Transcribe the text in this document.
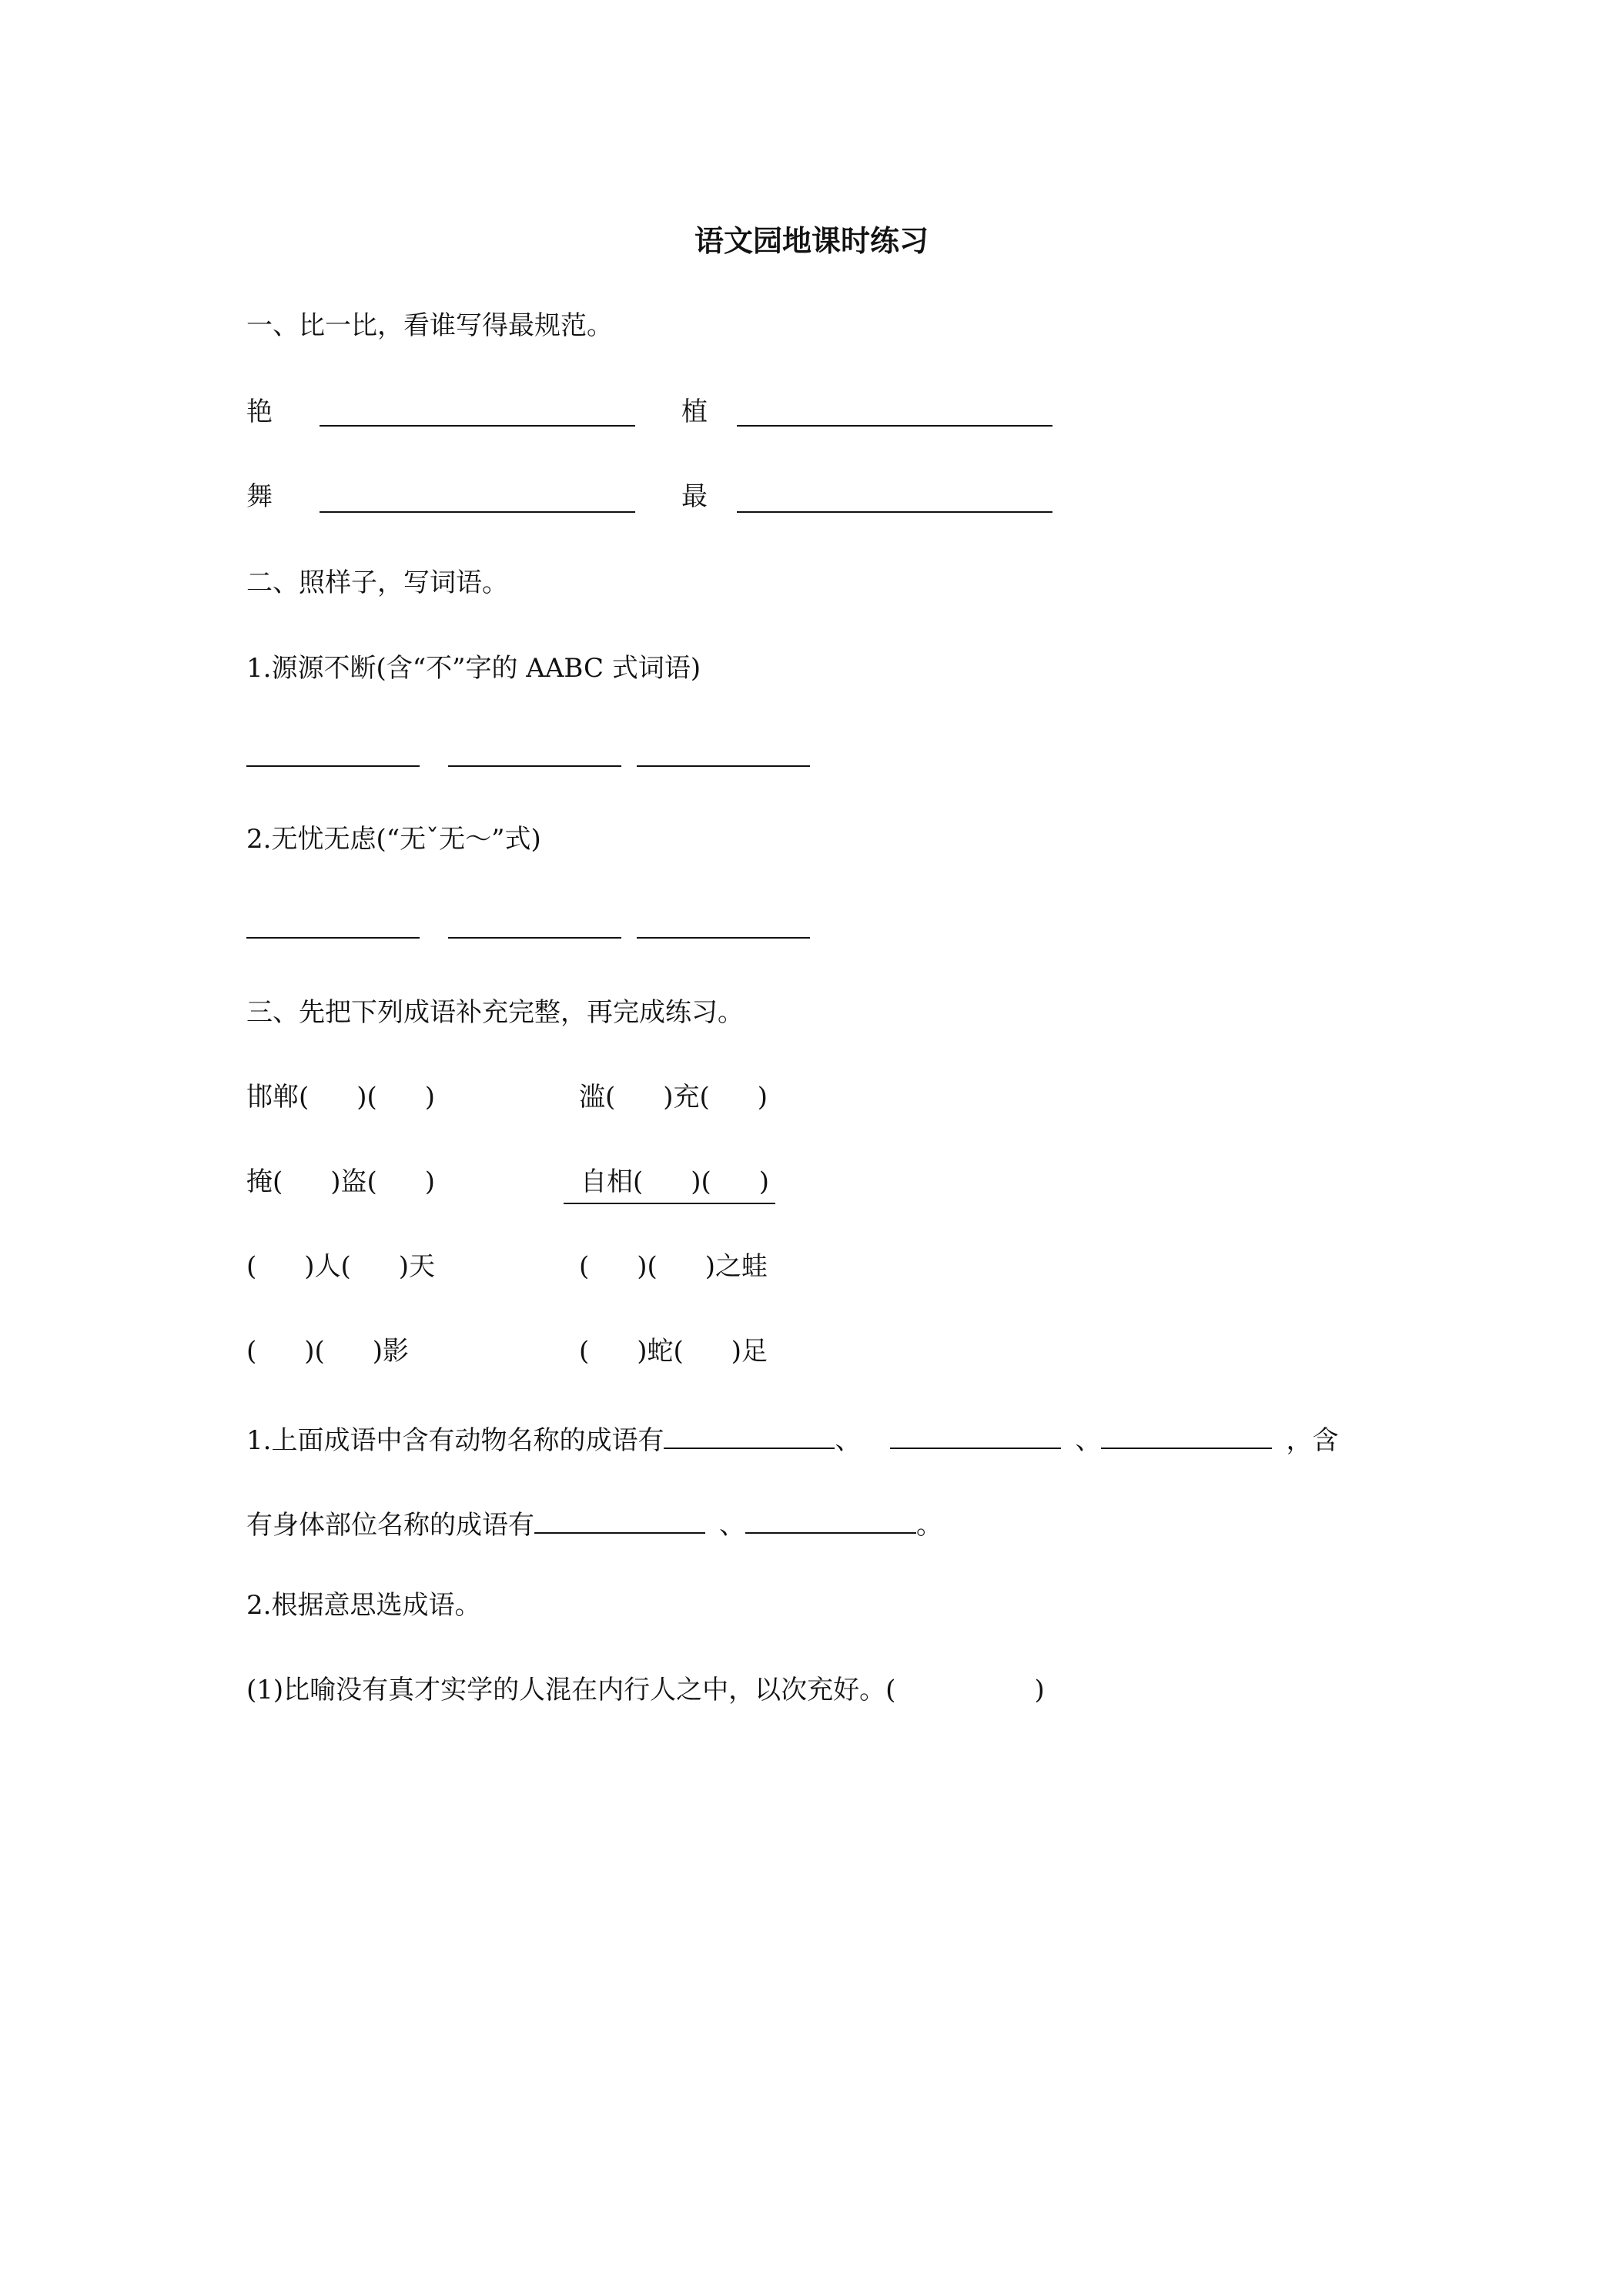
语文园地课时练习
一、比一比，看谁写得最规范。
艳	植
舞	最
二、照样子，写词语。
1.源源不断(含“不”字的 AABC 式词语)
2.无忧无虑(“无ˇ无～”式)
三、先把下列成语补充完整，再完成练习。
邯郸( )( )	滥( )充( )
掩( )盗( )	自相( )( )
( )人( )天	( )( )之蛙
( )( )影	( )蛇( )足
1.上面成语中含有动物名称的成语有	、	、	，含
有身体部位名称的成语有	、	。
2.根据意思选成语。
(1)比喻没有真才实学的人混在内行人之中，以次充好。(	)
